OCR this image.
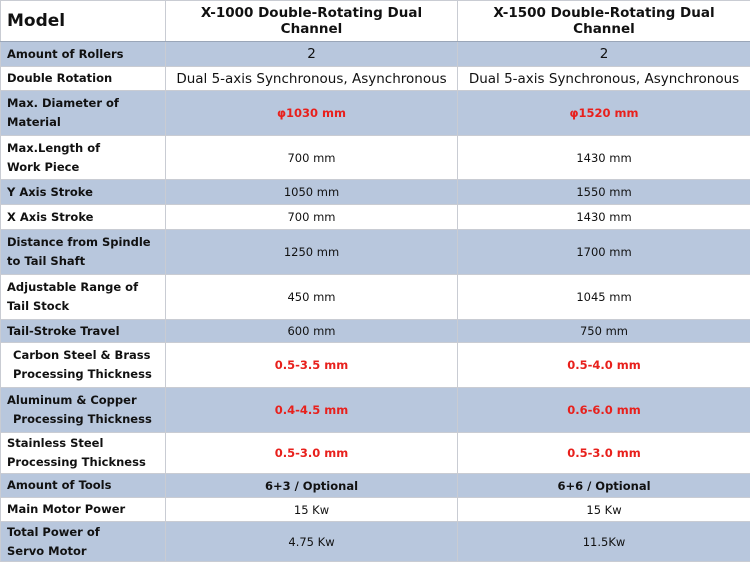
Model	X-1000 Double-Rotating Dual Channel	X-1500 Double-Rotating Dual Channel

Amount of Rollers	2	2

Double Rotation	Dual 5-axis Synchronous, Asynchronous	Dual 5-axis Synchronous, Asynchronous

Max. Diameter of
Material	φ1030 mm	φ1520 mm

Max.Length of
Work Piece	700 mm	1430 mm

Y Axis Stroke	1050 mm	1550 mm

X Axis Stroke	700 mm	1430 mm

Distance from Spindle
to Tail Shaft	1250 mm	1700 mm

Adjustable Range of
Tail Stock	450 mm	1045 mm

Tail-Stroke Travel	600 mm	750 mm

Carbon Steel & Brass
Processing Thickness	0.5-3.5 mm	0.5-4.0 mm

Aluminum & Copper
Processing Thickness	0.4-4.5 mm	0.6-6.0 mm

Stainless Steel
Processing Thickness	0.5-3.0 mm	0.5-3.0 mm

Amount of Tools	6+3 / Optional	6+6 / Optional

Main Motor Power	15 Kw	15 Kw

Total Power of
Servo Motor	4.75 Kw	11.5Kw
